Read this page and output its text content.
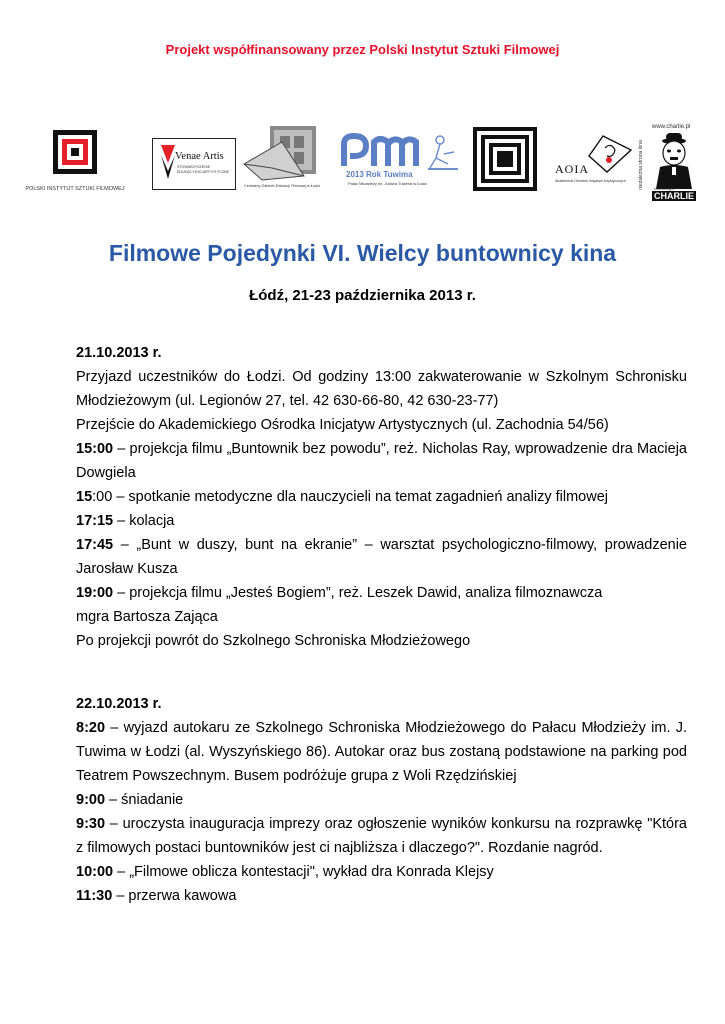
Projekt współfinansowany przez Polski Instytut Sztuki Filmowej
POLSKI INSTYTUT SZTUKI FILMOWEJ
Venae Artis
STOWARZYSZENIE
EDUKACYJNO-ARTYSTYCZNE
Centralny Gabinet Edukacji Filmowej w Łodzi
2013 Rok Tuwima
Pałac Młodzieży im. Juliana Tuwima w Łodzi
AOIA
Akademicki Ośrodek Inicjatyw Artystycznych
www.charlie.pl
niezależna strona kina
CHARLIE
kino studyjne
Filmowe Pojedynki VI. Wielcy buntownicy kina
Łódź, 21-23 października 2013 r.

21.10.2013 r.

Przyjazd uczestników do Łodzi. Od godziny 13:00 zakwaterowanie w Szkolnym Schronisku Młodzieżowym (ul. Legionów 27, tel. 42 630-66-80, 42 630-23-77)

Przejście do Akademickiego Ośrodka Inicjatyw Artystycznych (ul. Zachodnia 54/56)

15:00 – projekcja filmu „Buntownik bez powodu”, reż. Nicholas Ray, wprowadzenie dra Macieja Dowgiela

15:00 – spotkanie metodyczne dla nauczycieli na temat zagadnień analizy filmowej

17:15 – kolacja

17:45 – „Bunt w duszy, bunt na ekranie” – warsztat psychologiczno-filmowy, prowadzenie Jarosław Kusza

19:00 – projekcja filmu „Jesteś Bogiem”, reż. Leszek Dawid, analiza filmoznawcza

mgra Bartosza Zająca

Po projekcji powrót do Szkolnego Schroniska Młodzieżowego

22.10.2013 r.

8:20 – wyjazd autokaru ze Szkolnego Schroniska Młodzieżowego do Pałacu Młodzieży im. J. Tuwima w Łodzi (al. Wyszyńskiego 86). Autokar oraz bus zostaną podstawione na parking pod Teatrem Powszechnym. Busem podróżuje grupa z Woli Rzędzińskiej

9:00 – śniadanie

9:30 – uroczysta inauguracja imprezy oraz ogłoszenie wyników konkursu na rozprawkę "Która z filmowych postaci buntowników jest ci najbliższa i dlaczego?". Rozdanie nagród.

10:00 – „Filmowe oblicza kontestacji", wykład dra Konrada Klejsy

11:30 – przerwa kawowa
